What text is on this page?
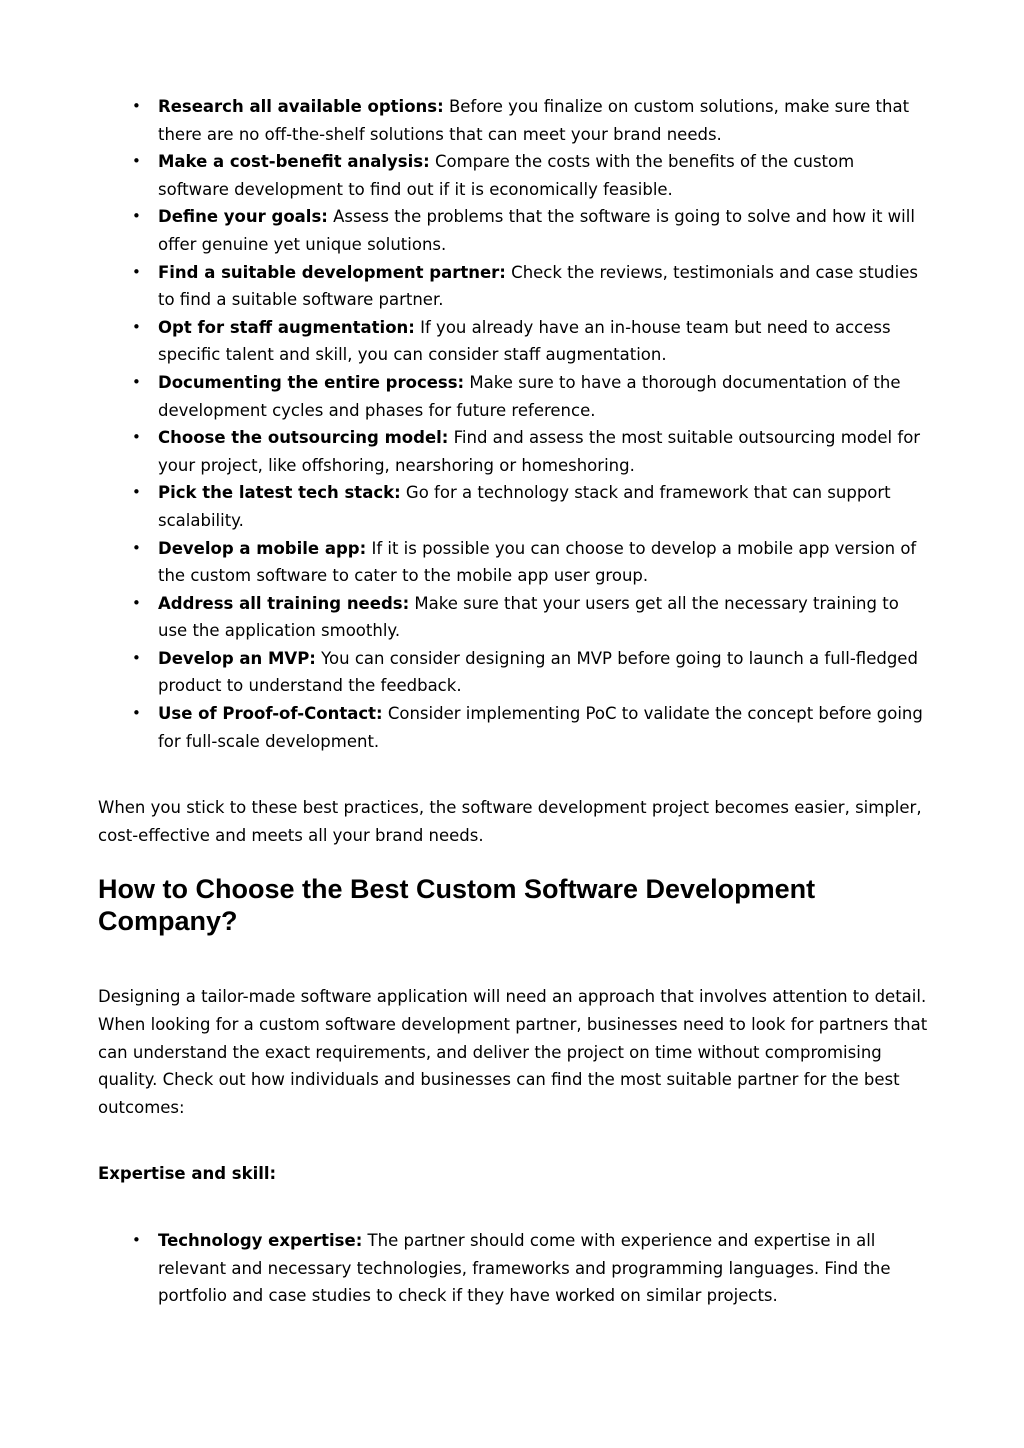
• Research all available options: Before you finalize on custom solutions, make sure that there are no off-the-shelf solutions that can meet your brand needs.
• Make a cost-benefit analysis: Compare the costs with the benefits of the custom software development to find out if it is economically feasible.
• Define your goals: Assess the problems that the software is going to solve and how it will offer genuine yet unique solutions.
• Find a suitable development partner: Check the reviews, testimonials and case studies to find a suitable software partner.
• Opt for staff augmentation: If you already have an in-house team but need to access specific talent and skill, you can consider staff augmentation.
• Documenting the entire process: Make sure to have a thorough documentation of the development cycles and phases for future reference.
• Choose the outsourcing model: Find and assess the most suitable outsourcing model for your project, like offshoring, nearshoring or homeshoring.
• Pick the latest tech stack: Go for a technology stack and framework that can support scalability.
• Develop a mobile app: If it is possible you can choose to develop a mobile app version of the custom software to cater to the mobile app user group.
• Address all training needs: Make sure that your users get all the necessary training to use the application smoothly.
• Develop an MVP: You can consider designing an MVP before going to launch a full-fledged product to understand the feedback.
• Use of Proof-of-Contact: Consider implementing PoC to validate the concept before going for full-scale development.

When you stick to these best practices, the software development project becomes easier, simpler, cost-effective and meets all your brand needs.

How to Choose the Best Custom Software Development Company?

Designing a tailor-made software application will need an approach that involves attention to detail. When looking for a custom software development partner, businesses need to look for partners that can understand the exact requirements, and deliver the project on time without compromising quality. Check out how individuals and businesses can find the most suitable partner for the best outcomes:

Expertise and skill:

• Technology expertise: The partner should come with experience and expertise in all relevant and necessary technologies, frameworks and programming languages. Find the portfolio and case studies to check if they have worked on similar projects.
